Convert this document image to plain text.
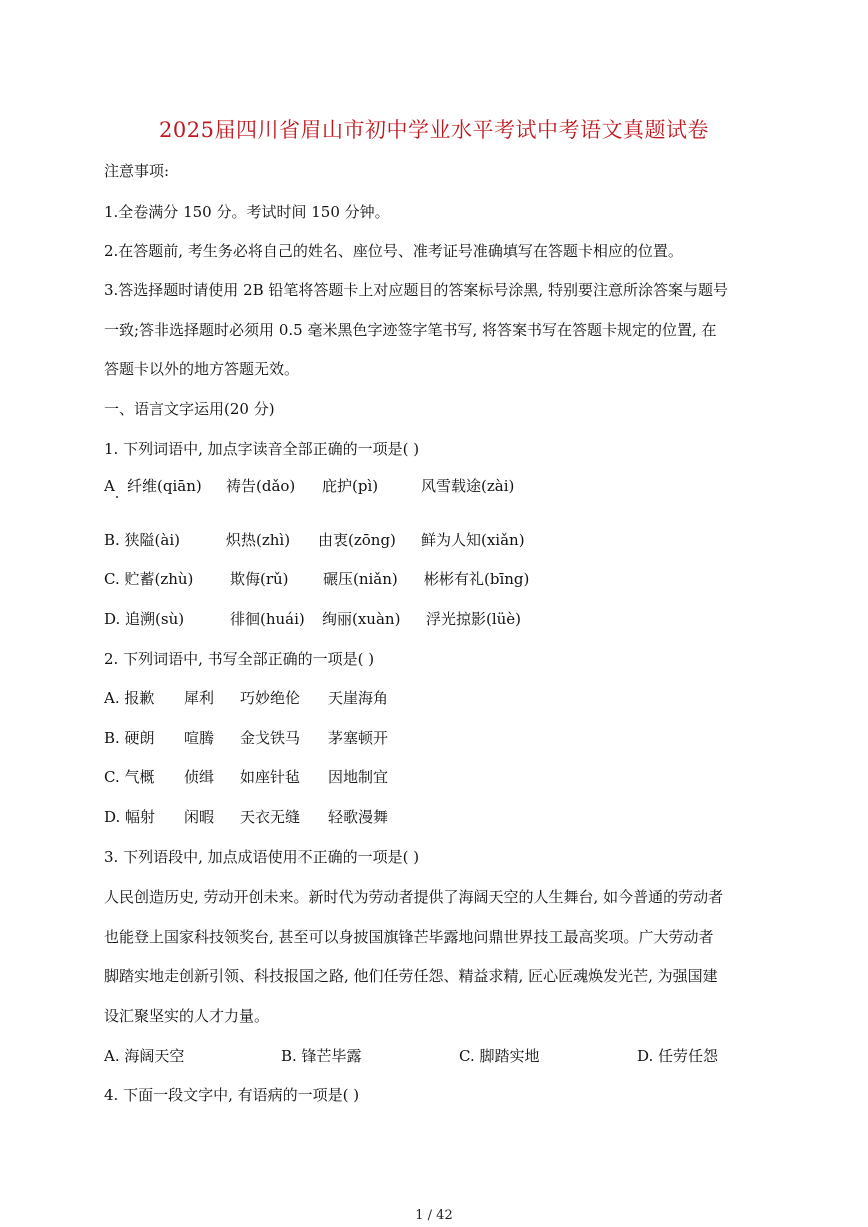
2025届四川省眉山市初中学业水平考试中考语文真题试卷
注意事项:
1.全卷满分 150 分。考试时间 150 分钟。
2.在答题前, 考生务必将自己的姓名、座位号、准考证号准确填写在答题卡相应的位置。
3.答选择题时请使用 2B 铅笔将答题卡上对应题目的答案标号涂黑, 特别要注意所涂答案与题号
一致;答非选择题时必须用 0.5 毫米黑色字迹签字笔书写, 将答案书写在答题卡规定的位置, 在
答题卡以外的地方答题无效。
一、语言文字运用(20 分)
1. 下列词语中, 加点字读音全部正确的一项是( )
A 纤维(qiān) 祷告(dǎo) 庇护(pì)	风雪载途(zài)
B. 狭隘(ài)	炽热(zhì) 由衷(zōng) 鲜为人知(xiǎn)
C. 贮蓄(zhù) 欺侮(rǔ) 碾压(niǎn) 彬彬有礼(bīng)
D. 追溯(sù)	徘徊(huái) 绚丽(xuàn) 浮光掠影(lüè)
2. 下列词语中, 书写全部正确的一项是( )
A. 报歉 犀利 巧妙绝伦 天崖海角
B. 硬朗 喧腾 金戈铁马 茅塞顿开
C. 气概 侦缉 如座针毡 因地制宜
D. 幅射 闲暇 天衣无缝 轻歌漫舞
3. 下列语段中, 加点成语使用不正确的一项是( )
人民创造历史, 劳动开创未来。新时代为劳动者提供了海阔天空的人生舞台, 如今普通的劳动者
也能登上国家科技领奖台, 甚至可以身披国旗锋芒毕露地问鼎世界技工最高奖项。广大劳动者
脚踏实地走创新引领、科技报国之路, 他们任劳任怨、精益求精, 匠心匠魂焕发光芒, 为强国建
设汇聚坚实的人才力量。
A. 海阔天空	B. 锋芒毕露	C. 脚踏实地	D. 任劳任怨
4. 下面一段文字中, 有语病的一项是( )
1 / 42
